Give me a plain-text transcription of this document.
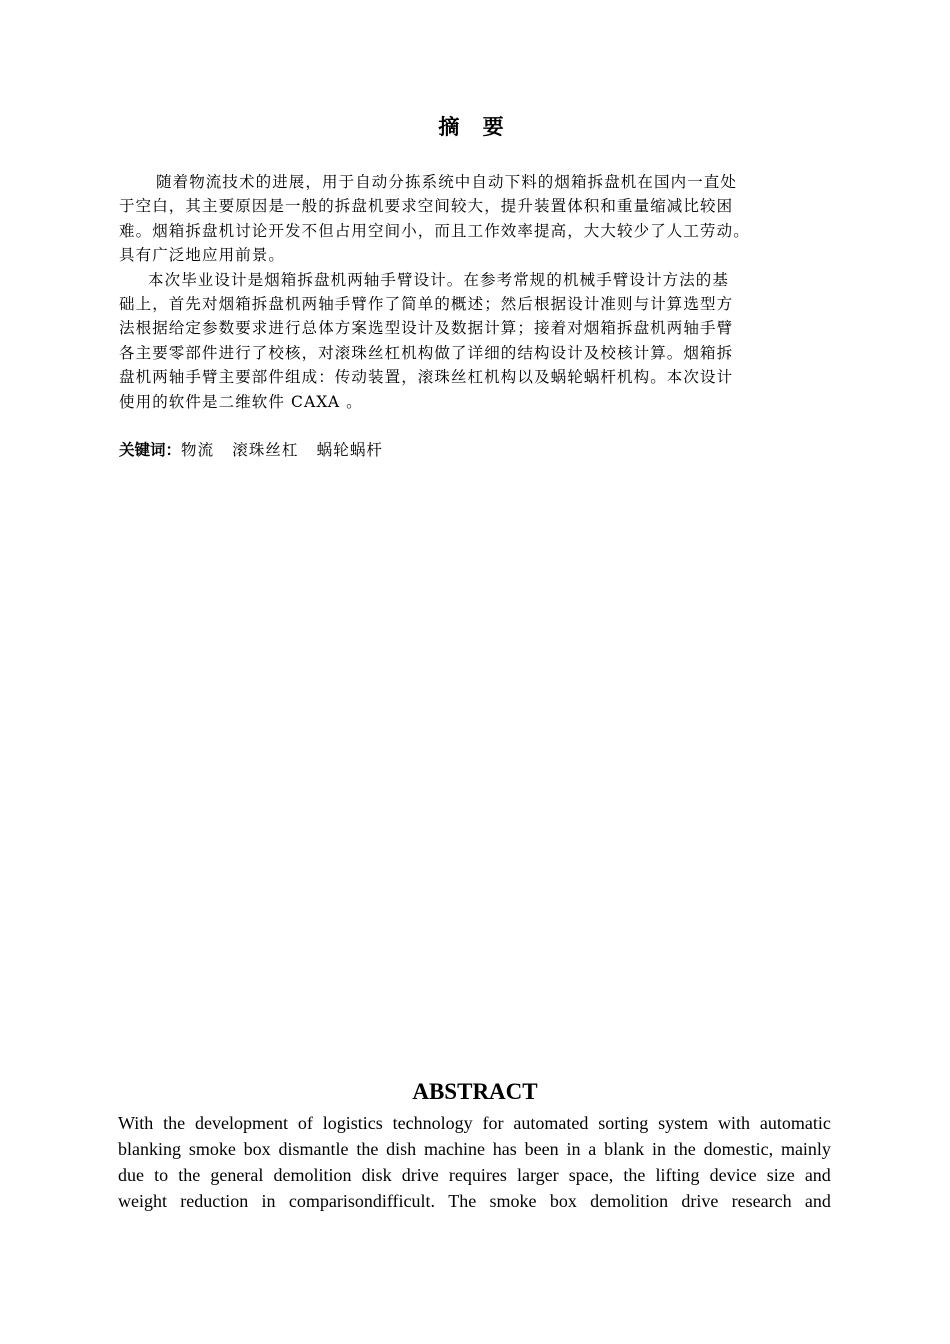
摘 要
随着物流技术的进展，用于自动分拣系统中自动下料的烟箱拆盘机在国内一直处
于空白，其主要原因是一般的拆盘机要求空间较大，提升装置体积和重量缩减比较困
难。烟箱拆盘机讨论开发不但占用空间小，而且工作效率提高，大大较少了人工劳动。
具有广泛地应用前景。
本次毕业设计是烟箱拆盘机两轴手臂设计。在参考常规的机械手臂设计方法的基
础上，首先对烟箱拆盘机两轴手臂作了简单的概述；然后根据设计准则与计算选型方
法根据给定参数要求进行总体方案选型设计及数据计算；接着对烟箱拆盘机两轴手臂
各主要零部件进行了校核，对滚珠丝杠机构做了详细的结构设计及校核计算。烟箱拆
盘机两轴手臂主要部件组成：传动装置，滚珠丝杠机构以及蜗轮蜗杆机构。本次设计
使用的软件是二维软件 CAXA 。
关键词：物流 滚珠丝杠 蜗轮蜗杆
ABSTRACT
With the development of logistics technology for automated sorting system with automatic
blanking smoke box dismantle the dish machine has been in a blank in the domestic, mainly
due to the general demolition disk drive requires larger space, the lifting device size and
weight reduction in comparisondifficult. The smoke box demolition drive research and
